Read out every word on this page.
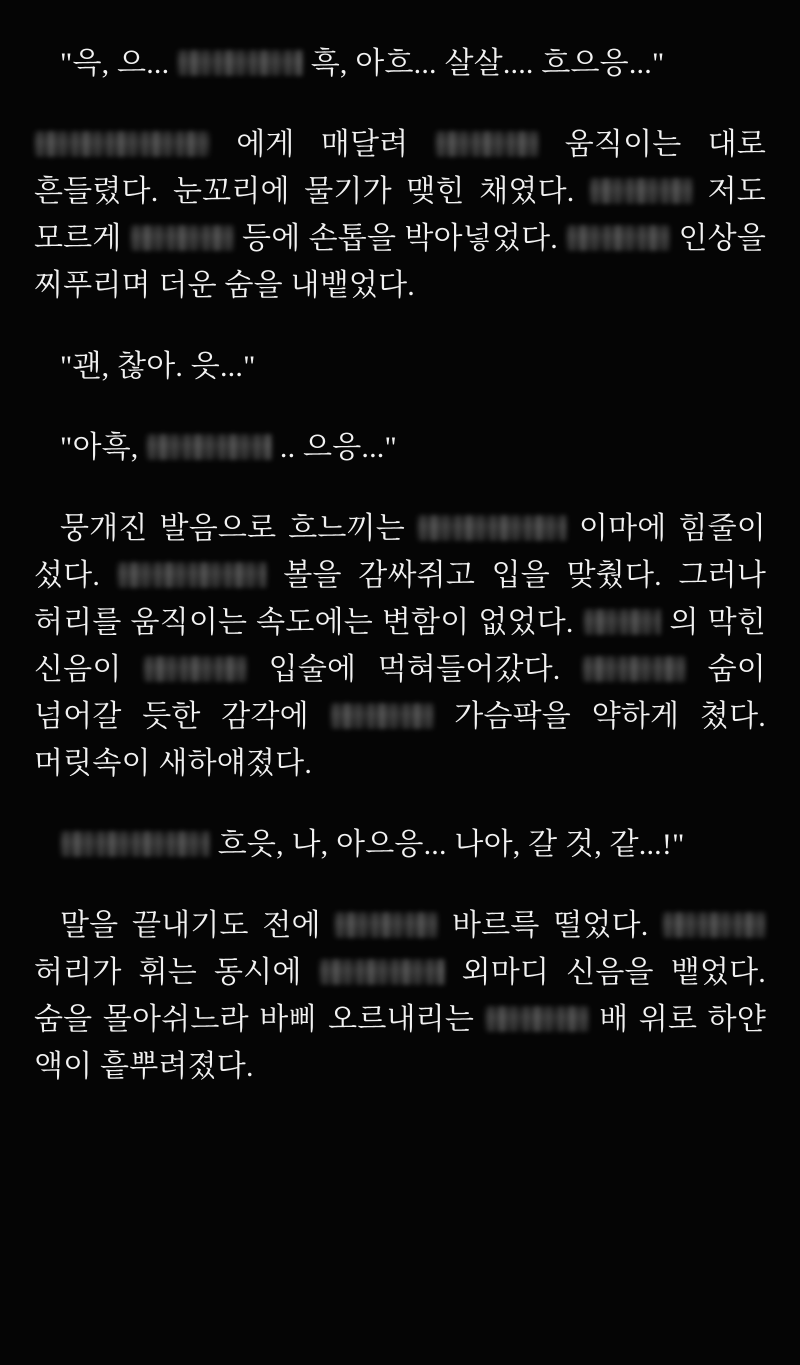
"윽, 으...	흑, 아흐... 살살.... 흐으응..."

에게 매달려	움직이는 대로 흔들렸다. 눈꼬리에 물기가 맺힌 채였다.	저도 모르게	등에 손톱을 박아넣었다.	인상을 찌푸리며 더운 숨을 내뱉었다.

"괜, 찮아. 읏..."

"아흑,	.. 으응..."

뭉개진 발음으로 흐느끼는	이마에 힘줄이 섰다.	볼을 감싸쥐고 입을 맞췄다. 그러나 허리를 움직이는 속도에는 변함이 없었다.	의 막힌 신음이	입술에 먹혀들어갔다.	숨이 넘어갈 듯한 감각에	가슴팍을 약하게 쳤다. 머릿속이 새하얘졌다.

흐읏, 나, 아으응... 나아, 갈 것, 같...!"

말을 끝내기도 전에	바르륵 떨었다.  허리가 휘는 동시에	외마디 신음을 뱉었다. 숨을 몰아쉬느라 바삐 오르내리는	배 위로 하얀 액이 흩뿌려졌다.
